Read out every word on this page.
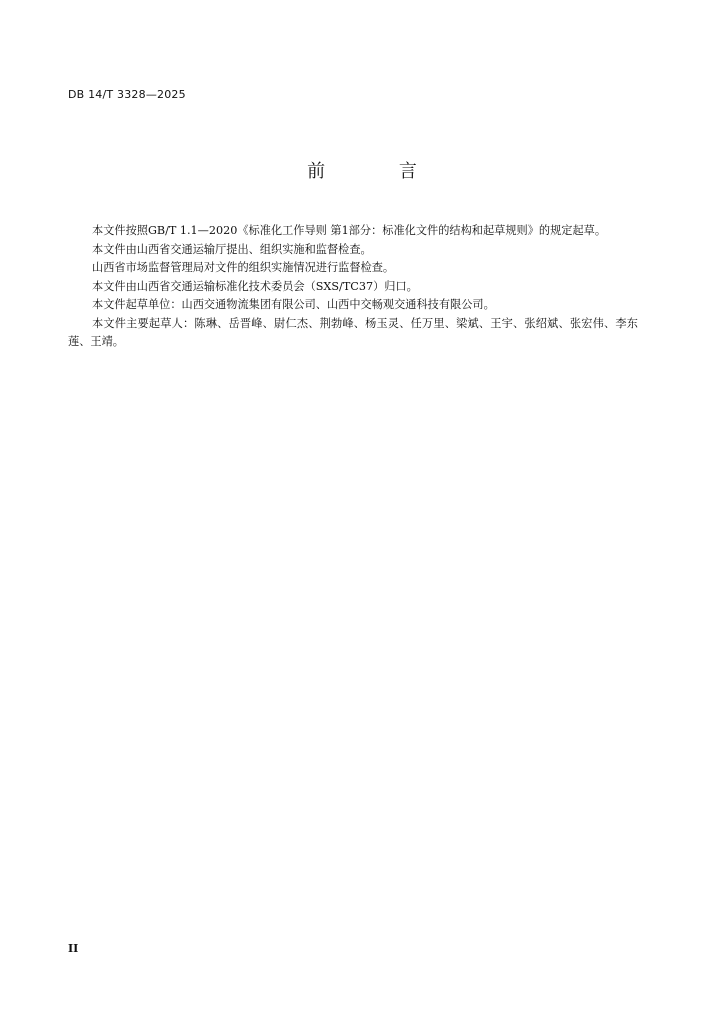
DB 14/T 3328—2025
前 言

本文件按照GB/T 1.1—2020《标准化工作导则 第1部分：标准化文件的结构和起草规则》的规定起草。

本文件由山西省交通运输厅提出、组织实施和监督检查。

山西省市场监督管理局对文件的组织实施情况进行监督检查。

本文件由山西省交通运输标准化技术委员会（SXS/TC37）归口。

本文件起草单位：山西交通物流集团有限公司、山西中交畅观交通科技有限公司。

本文件主要起草人：陈琳、岳晋峰、尉仁杰、荆勃峰、杨玉灵、任万里、梁斌、王宇、张绍斌、张宏伟、李东莲、王靖。

II
